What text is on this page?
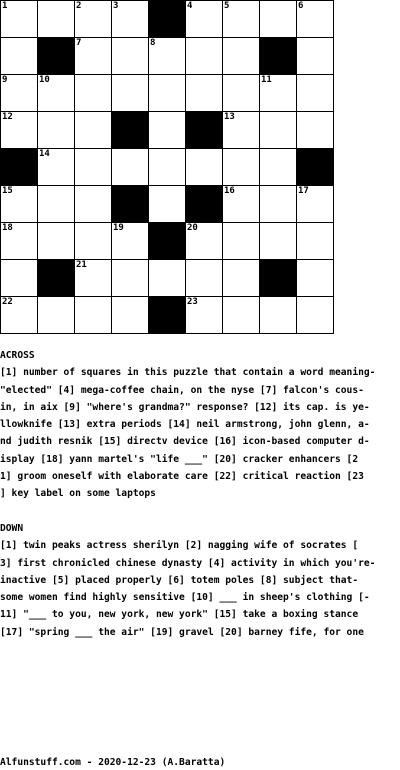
1	2	3	4	5	6
7	8
9	10	11
12	13
14
15	16	17
18	19	20
21
22	23
ACROSS
[1] number of squares in this puzzle that contain a word meaning-
"elected" [4] mega-coffee chain, on the nyse [7] falcon's cous-
in, in aix [9] "where's grandma?" response? [12] its cap. is ye-
llowknife [13] extra periods [14] neil armstrong, john glenn, a-
nd judith resnik [15] directv device [16] icon-based computer d-
isplay [18] yann martel's "life ___" [20] cracker enhancers [2
1] groom oneself with elaborate care [22] critical reaction [23
] key label on some laptops
DOWN
[1] twin peaks actress sherilyn [2] nagging wife of socrates [
3] first chronicled chinese dynasty [4] activity in which you're-
inactive [5] placed properly [6] totem poles [8] subject that-
some women find highly sensitive [10] ___ in sheep's clothing [-
11] "___ to you, new york, new york" [15] take a boxing stance
[17] "spring ___ the air" [19] gravel [20] barney fife, for one
Alfunstuff.com - 2020-12-23 (A.Baratta)
